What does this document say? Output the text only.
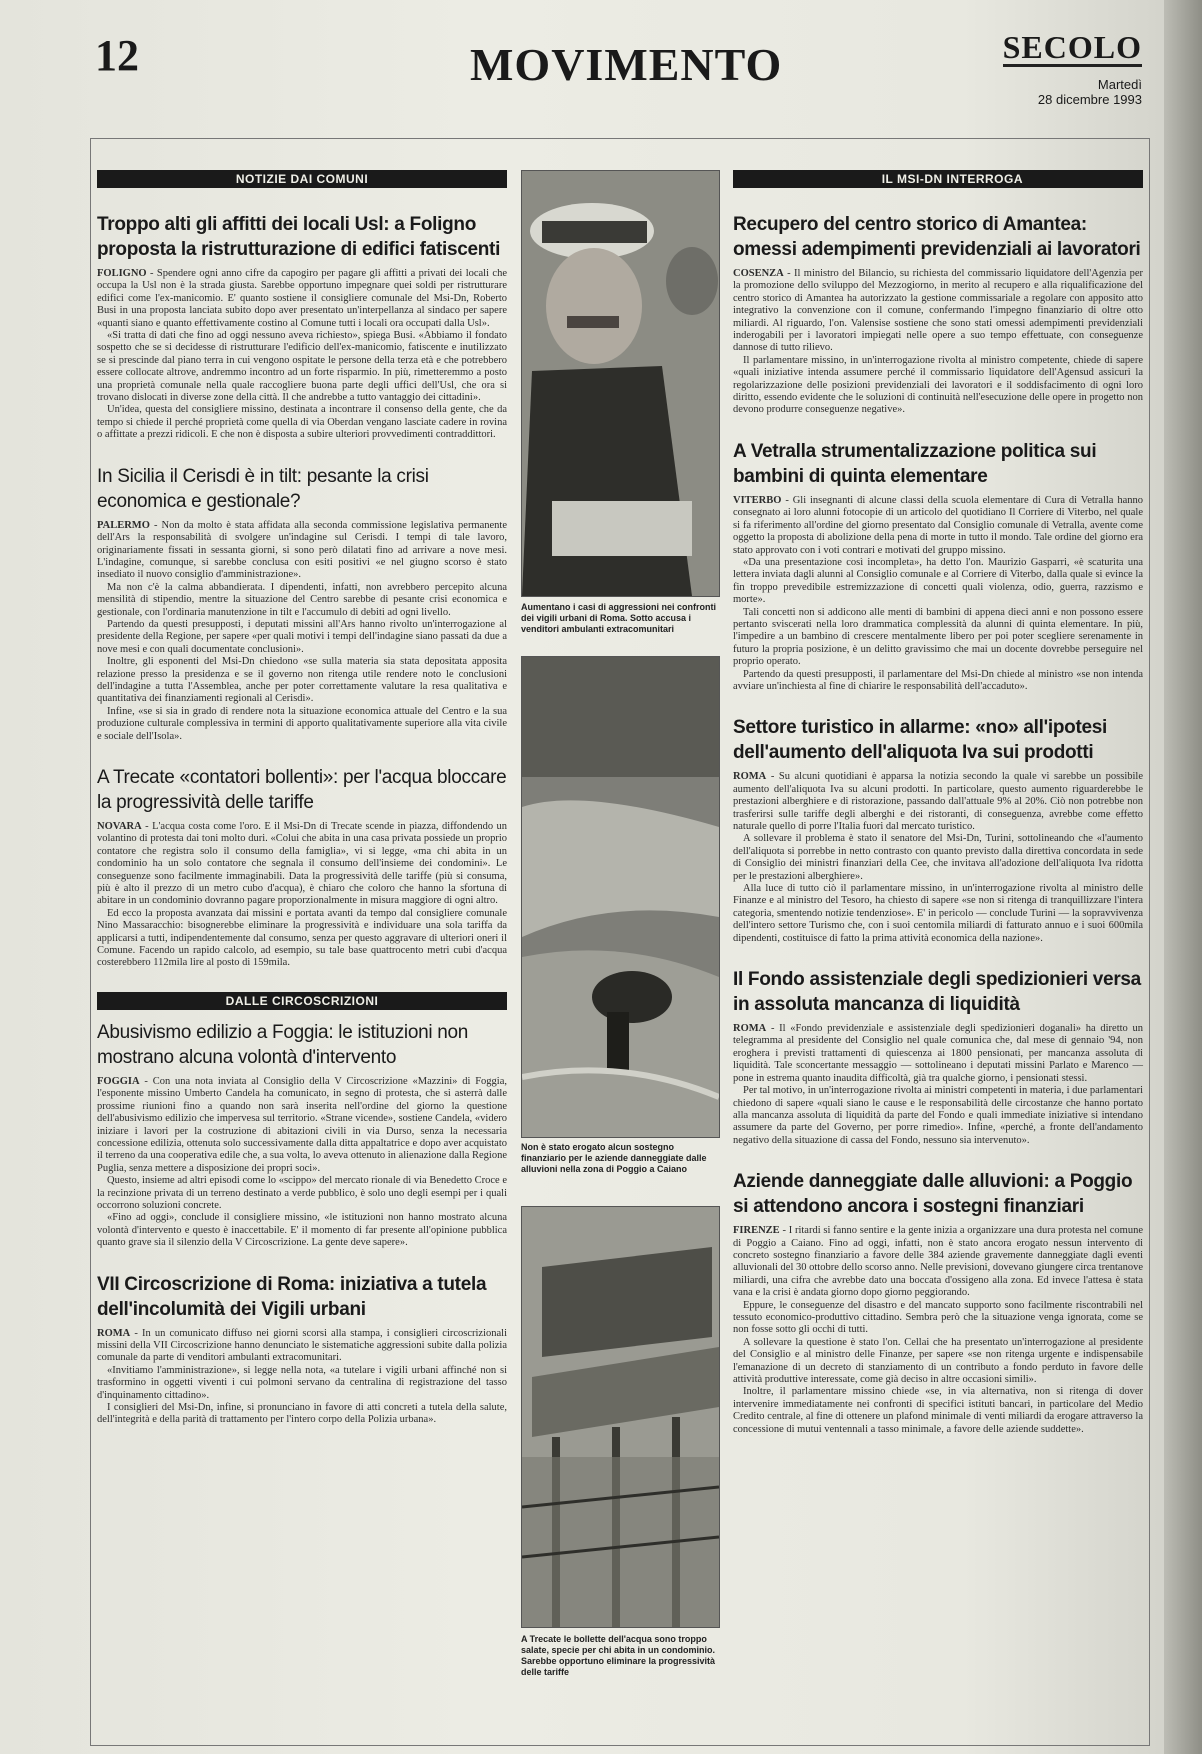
12	MOVIMENTO	SECOLO
Martedì
28 dicembre 1993
NOTIZIE DAI COMUNI
Troppo alti gli affitti dei locali Usl: a Foligno proposta la ristrutturazione di edifici fatiscenti

FOLIGNO - Spendere ogni anno cifre da capogiro per pagare gli affitti a privati dei locali che occupa la Usl non è la strada giusta. Sarebbe opportuno impegnare quei soldi per ristrutturare edifici come l'ex-manicomio. E' quanto sostiene il consigliere comunale del Msi-Dn, Roberto Busi in una proposta lanciata subito dopo aver presentato un'interpellanza al sindaco per sapere «quanti siano e quanto effettivamente costino al Comune tutti i locali ora occupati dalla Usl».

«Si tratta di dati che fino ad oggi nessuno aveva richiesto», spiega Busi. «Abbiamo il fondato sospetto che se si decidesse di ristrutturare l'edificio dell'ex-manicomio, fatiscente e inutilizzato se si prescinde dal piano terra in cui vengono ospitate le persone della terza età e che potrebbero essere collocate altrove, andremmo incontro ad un forte risparmio. In più, rimetteremmo a posto una proprietà comunale nella quale raccogliere buona parte degli uffici dell'Usl, che ora si trovano dislocati in diverse zone della città. Il che andrebbe a tutto vantaggio dei cittadini».

Un'idea, questa del consigliere missino, destinata a incontrare il consenso della gente, che da tempo si chiede il perché proprietà come quella di via Oberdan vengano lasciate cadere in rovina o affittate a prezzi ridicoli. E che non è disposta a subire ulteriori provvedimenti contraddittori.

In Sicilia il Cerisdi è in tilt: pesante la crisi economica e gestionale?

PALERMO - Non da molto è stata affidata alla seconda commissione legislativa permanente dell'Ars la responsabilità di svolgere un'indagine sul Cerisdi. I tempi di tale lavoro, originariamente fissati in sessanta giorni, si sono però dilatati fino ad arrivare a nove mesi. L'indagine, comunque, si sarebbe conclusa con esiti positivi «e nel giugno scorso è stato insediato il nuovo consiglio d'amministrazione».

Ma non c'è la calma abbandierata. I dipendenti, infatti, non avrebbero percepito alcuna mensilità di stipendio, mentre la situazione del Centro sarebbe di pesante crisi economica e gestionale, con l'ordinaria manutenzione in tilt e l'accumulo di debiti ad ogni livello.

Partendo da questi presupposti, i deputati missini all'Ars hanno rivolto un'interrogazione al presidente della Regione, per sapere «per quali motivi i tempi dell'indagine siano passati da due a nove mesi e con quali documentate conclusioni».

Inoltre, gli esponenti del Msi-Dn chiedono «se sulla materia sia stata depositata apposita relazione presso la presidenza e se il governo non ritenga utile rendere noto le conclusioni dell'indagine a tutta l'Assemblea, anche per poter correttamente valutare la resa qualitativa e quantitativa dei finanziamenti regionali al Cerisdi».

Infine, «se si sia in grado di rendere nota la situazione economica attuale del Centro e la sua produzione culturale complessiva in termini di apporto qualitativamente superiore alla vita civile e sociale dell'Isola».

A Trecate «contatori bollenti»: per l'acqua bloccare la progressività delle tariffe

NOVARA - L'acqua costa come l'oro. E il Msi-Dn di Trecate scende in piazza, diffondendo un volantino di protesta dai toni molto duri. «Colui che abita in una casa privata possiede un proprio contatore che registra solo il consumo della famiglia», vi si legge, «ma chi abita in un condominio ha un solo contatore che segnala il consumo dell'insieme dei condomini». Le conseguenze sono facilmente immaginabili. Data la progressività delle tariffe (più si consuma, più è alto il prezzo di un metro cubo d'acqua), è chiaro che coloro che hanno la sfortuna di abitare in un condominio dovranno pagare proporzionalmente in misura maggiore di ogni altro.

Ed ecco la proposta avanzata dai missini e portata avanti da tempo dal consigliere comunale Nino Massaracchio: bisognerebbe eliminare la progressività e individuare una sola tariffa da applicarsi a tutti, indipendentemente dal consumo, senza per questo aggravare di ulteriori oneri il Comune. Facendo un rapido calcolo, ad esempio, su tale base quattrocento metri cubi d'acqua costerebbero 112mila lire al posto di 159mila.

DALLE CIRCOSCRIZIONI
Abusivismo edilizio a Foggia: le istituzioni non mostrano alcuna volontà d'intervento

FOGGIA - Con una nota inviata al Consiglio della V Circoscrizione «Mazzini» di Foggia, l'esponente missino Umberto Candela ha comunicato, in segno di protesta, che si asterrà dalle prossime riunioni fino a quando non sarà inserita nell'ordine del giorno la questione dell'abusivismo edilizio che impervesa sul territorio. «Strane vicende», sostiene Candela, «videro iniziare i lavori per la costruzione di abitazioni civili in via Durso, senza la necessaria concessione edilizia, ottenuta solo successivamente dalla ditta appaltatrice e dopo aver acquistato il terreno da una cooperativa edile che, a sua volta, lo aveva ottenuto in alienazione dalla Regione Puglia, senza mettere a disposizione dei propri soci».

Questo, insieme ad altri episodi come lo «scippo» del mercato rionale di via Benedetto Croce e la recinzione privata di un terreno destinato a verde pubblico, è solo uno degli esempi per i quali occorrono soluzioni concrete.

«Fino ad oggi», conclude il consigliere missino, «le istituzioni non hanno mostrato alcuna volontà d'intervento e questo è inaccettabile. E' il momento di far presente all'opinione pubblica quanto grave sia il silenzio della V Circoscrizione. La gente deve sapere».

VII Circoscrizione di Roma: iniziativa a tutela dell'incolumità dei Vigili urbani

ROMA - In un comunicato diffuso nei giorni scorsi alla stampa, i consiglieri circoscrizionali missini della VII Circoscrizione hanno denunciato le sistematiche aggressioni subite dalla polizia comunale da parte di venditori ambulanti extracomunitari.

«Invitiamo l'amministrazione», si legge nella nota, «a tutelare i vigili urbani affinché non si trasformino in oggetti viventi i cui polmoni servano da centralina di registrazione del tasso d'inquinamento cittadino».

I consiglieri del Msi-Dn, infine, si pronunciano in favore di atti concreti a tutela della salute, dell'integrità e della parità di trattamento per l'intero corpo della Polizia urbana».

Aumentano i casi di aggressioni nei confronti dei vigili urbani di Roma. Sotto accusa i venditori ambulanti extracomunitari
Non è stato erogato alcun sostegno finanziario per le aziende danneggiate dalle alluvioni nella zona di Poggio a Caiano
A Trecate le bollette dell'acqua sono troppo salate, specie per chi abita in un condominio. Sarebbe opportuno eliminare la progressività delle tariffe
IL MSI-DN INTERROGA
Recupero del centro storico di Amantea: omessi adempimenti previdenziali ai lavoratori

COSENZA - Il ministro del Bilancio, su richiesta del commissario liquidatore dell'Agenzia per la promozione dello sviluppo del Mezzogiorno, in merito al recupero e alla riqualificazione del centro storico di Amantea ha autorizzato la gestione commissariale a regolare con apposito atto integrativo la convenzione con il comune, confermando l'impegno finanziario di oltre otto miliardi. Al riguardo, l'on. Valensise sostiene che sono stati omessi adempimenti previdenziali inderogabili per i lavoratori impiegati nelle opere a suo tempo effettuate, con conseguenze dannose di tutto rilievo.

Il parlamentare missino, in un'interrogazione rivolta al ministro competente, chiede di sapere «quali iniziative intenda assumere perché il commissario liquidatore dell'Agensud assicuri la regolarizzazione delle posizioni previdenziali dei lavoratori e il soddisfacimento di ogni loro diritto, essendo evidente che le soluzioni di continuità nell'esecuzione delle opere in progetto non devono produrre conseguenze negative».

A Vetralla strumentalizzazione politica sui bambini di quinta elementare

VITERBO - Gli insegnanti di alcune classi della scuola elementare di Cura di Vetralla hanno consegnato ai loro alunni fotocopie di un articolo del quotidiano Il Corriere di Viterbo, nel quale si fa riferimento all'ordine del giorno presentato dal Consiglio comunale di Vetralla, avente come oggetto la proposta di abolizione della pena di morte in tutto il mondo. Tale ordine del giorno era stato approvato con i voti contrari e motivati del gruppo missino.

«Da una presentazione così incompleta», ha detto l'on. Maurizio Gasparri, «è scaturita una lettera inviata dagli alunni al Consiglio comunale e al Corriere di Viterbo, dalla quale si evince la fin troppo prevedibile estremizzazione di concetti quali violenza, odio, guerra, razzismo e morte».

Tali concetti non si addicono alle menti di bambini di appena dieci anni e non possono essere pertanto sviscerati nella loro drammatica complessità da alunni di quinta elementare. In più, l'impedire a un bambino di crescere mentalmente libero per poi poter scegliere serenamente in futuro la propria posizione, è un delitto gravissimo che mai un docente dovrebbe perseguire nel proprio operato.

Partendo da questi presupposti, il parlamentare del Msi-Dn chiede al ministro «se non intenda avviare un'inchiesta al fine di chiarire le responsabilità dell'accaduto».

Settore turistico in allarme: «no» all'ipotesi dell'aumento dell'aliquota Iva sui prodotti

ROMA - Su alcuni quotidiani è apparsa la notizia secondo la quale vi sarebbe un possibile aumento dell'aliquota Iva su alcuni prodotti. In particolare, questo aumento riguarderebbe le prestazioni alberghiere e di ristorazione, passando dall'attuale 9% al 20%. Ciò non potrebbe non trasferirsi sulle tariffe degli alberghi e dei ristoranti, di conseguenza, avrebbe come effetto naturale quello di porre l'Italia fuori dal mercato turistico.

A sollevare il problema è stato il senatore del Msi-Dn, Turini, sottolineando che «l'aumento dell'aliquota si porrebbe in netto contrasto con quanto previsto dalla direttiva concordata in sede di Consiglio dei ministri finanziari della Cee, che invitava all'adozione dell'aliquota Iva ridotta per le prestazioni alberghiere».

Alla luce di tutto ciò il parlamentare missino, in un'interrogazione rivolta al ministro delle Finanze e al ministro del Tesoro, ha chiesto di sapere «se non si ritenga di tranquillizzare l'intera categoria, smentendo notizie tendenziose». E' in pericolo — conclude Turini — la sopravvivenza dell'intero settore Turismo che, con i suoi centomila miliardi di fatturato annuo e i suoi 600mila dipendenti, costituisce di fatto la prima attività economica della nazione».

Il Fondo assistenziale degli spedizionieri versa in assoluta mancanza di liquidità

ROMA - Il «Fondo previdenziale e assistenziale degli spedizionieri doganali» ha diretto un telegramma al presidente del Consiglio nel quale comunica che, dal mese di gennaio '94, non eroghera i previsti trattamenti di quiescenza ai 1800 pensionati, per mancanza assoluta di liquidità. Tale sconcertante messaggio — sottolineano i deputati missini Parlato e Marenco — pone in estrema quanto inaudita difficoltà, già tra qualche giorno, i pensionati stessi.

Per tal motivo, in un'interrogazione rivolta ai ministri competenti in materia, i due parlamentari chiedono di sapere «quali siano le cause e le responsabilità delle circostanze che hanno portato alla mancanza assoluta di liquidità da parte del Fondo e quali immediate iniziative si intendano assumere da parte del Governo, per porre rimedio». Infine, «perché, a fronte dell'andamento negativo della situazione di cassa del Fondo, nessuno sia intervenuto».

Aziende danneggiate dalle alluvioni: a Poggio si attendono ancora i sostegni finanziari

FIRENZE - I ritardi si fanno sentire e la gente inizia a organizzare una dura protesta nel comune di Poggio a Caiano. Fino ad oggi, infatti, non è stato ancora erogato nessun intervento di concreto sostegno finanziario a favore delle 384 aziende gravemente danneggiate dagli eventi alluvionali del 30 ottobre dello scorso anno. Nelle previsioni, dovevano giungere circa trentanove miliardi, una cifra che avrebbe dato una boccata d'ossigeno alla zona. Ed invece l'attesa è stata vana e la crisi è andata giorno dopo giorno peggiorando.

Eppure, le conseguenze del disastro e del mancato supporto sono facilmente riscontrabili nel tessuto economico-produttivo cittadino. Sembra però che la situazione venga ignorata, come se non fosse sotto gli occhi di tutti.

A sollevare la questione è stato l'on. Cellai che ha presentato un'interrogazione al presidente del Consiglio e al ministro delle Finanze, per sapere «se non ritenga urgente e indispensabile l'emanazione di un decreto di stanziamento di un contributo a fondo perduto in favore delle attività produttive interessate, come già deciso in altre occasioni simili».

Inoltre, il parlamentare missino chiede «se, in via alternativa, non si ritenga di dover intervenire immediatamente nei confronti di specifici istituti bancari, in particolare del Medio Credito centrale, al fine di ottenere un plafond minimale di venti miliardi da erogare attraverso la concessione di mutui ventennali a tasso minimale, a favore delle aziende suddette».
